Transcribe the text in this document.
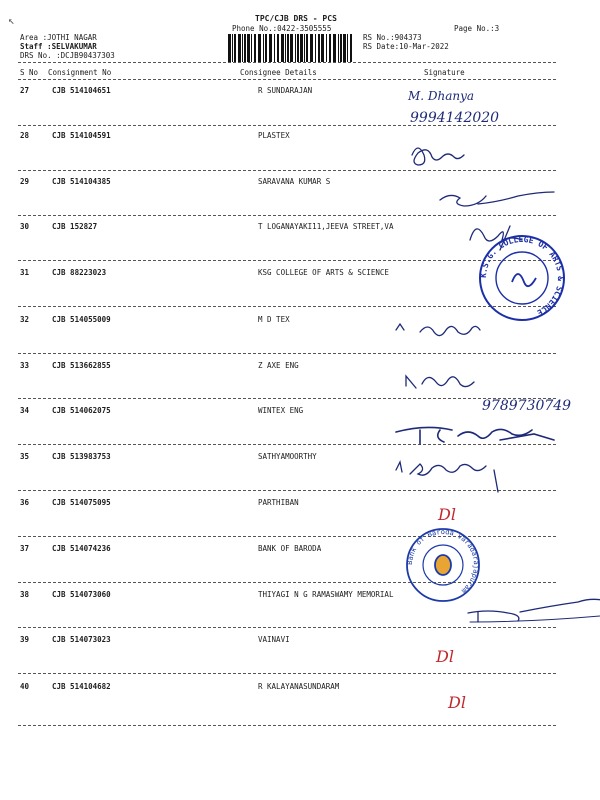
↖	TPC/CJB DRS - PCS
Phone No.:0422-3505555	Page No.:3
Area :JOTHI NAGAR
Staff :SELVAKUMAR
DRS No. :DCJB90437303
RS No.:904373
RS Date:10-Mar-2022
S No Consignment No	Consignee Details	Signature
27	CJB 514104651	R SUNDARAJAN
28	CJB 514104591	PLASTEX
29	CJB 514104385	SARAVANA KUMAR S
30	CJB 152827	T LOGANAYAKI11,JEEVA STREET,VA
31	CJB 88223023	KSG COLLEGE OF ARTS & SCIENCE
32	CJB 514055009	M D TEX
33	CJB 513662855	Z AXE ENG
34	CJB 514062075	WINTEX ENG
35	CJB 513983753	SATHYAMOORTHY
36	CJB 514075095	PARTHIBAN
37	CJB 514074236	BANK OF BARODA
38	CJB 514073060	THIYAGI N G RAMASWAMY MEMORIAL
39	CJB 514073023	VAINAVI
40	CJB 514104682	R KALAYANASUNDARAM
M. Dhanya
9994142020
Dl
Dl
Dl
9789730749
K.S.G. COLLEGE OF ARTS & SCIENCE
Bank of Baroda Varadarajapuram
